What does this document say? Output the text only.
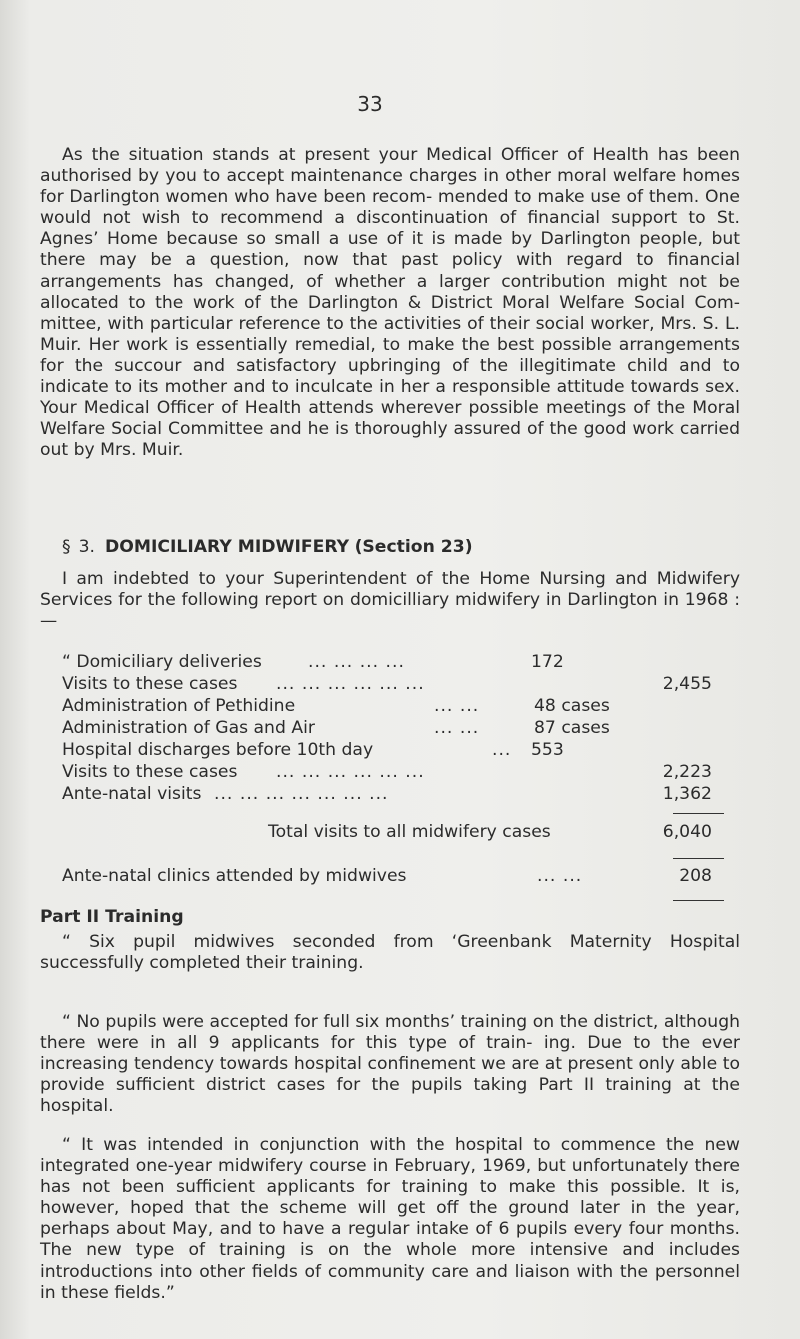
33

As the situation stands at present your Medical Officer of Health has been authorised by you to accept maintenance charges in other moral welfare homes for Darlington women who have been recom- mended to make use of them. One would not wish to recommend a discontinuation of financial support to St. Agnes’ Home because so small a use of it is made by Darlington people, but there may be a question, now that past policy with regard to financial arrangements has changed, of whether a larger contribution might not be allocated to the work of the Darlington & District Moral Welfare Social Com- mittee, with particular reference to the activities of their social worker, Mrs. S. L. Muir. Her work is essentially remedial, to make the best possible arrangements for the succour and satisfactory upbringing of the illegitimate child and to indicate to its mother and to inculcate in her a responsible attitude towards sex. Your Medical Officer of Health attends wherever possible meetings of the Moral Welfare Social Committee and he is thoroughly assured of the good work carried out by Mrs. Muir.

§ 3. DOMICILIARY MIDWIFERY (Section 23)

I am indebted to your Superintendent of the Home Nursing and Midwifery Services for the following report on domicilliary midwifery in Darlington in 1968 :—

“ Domiciliary deliveries	... ... ... ...	172
Visits to these cases ... ... ... ... ... ...	2,455
Administration of Pethidine	... ...	48 cases
Administration of Gas and Air	... ...	87 cases
Hospital discharges before 10th day	... 553
Visits to these cases ... ... ... ... ... ...	2,223
Ante-natal visits ... ... ... ... ... ... ...	1,362
Total visits to all midwifery cases	6,040
Ante-natal clinics attended by midwives	... ...	208
Part II Training

“ Six pupil midwives seconded from ‘Greenbank Maternity Hospital successfully completed their training.

“ No pupils were accepted for full six months’ training on the district, although there were in all 9 applicants for this type of train- ing. Due to the ever increasing tendency towards hospital confinement we are at present only able to provide sufficient district cases for the pupils taking Part II training at the hospital.

“ It was intended in conjunction with the hospital to commence the new integrated one-year midwifery course in February, 1969, but unfortunately there has not been sufficient applicants for training to make this possible. It is, however, hoped that the scheme will get off the ground later in the year, perhaps about May, and to have a regular intake of 6 pupils every four months. The new type of training is on the whole more intensive and includes introductions into other fields of community care and liaison with the personnel in these fields.”
